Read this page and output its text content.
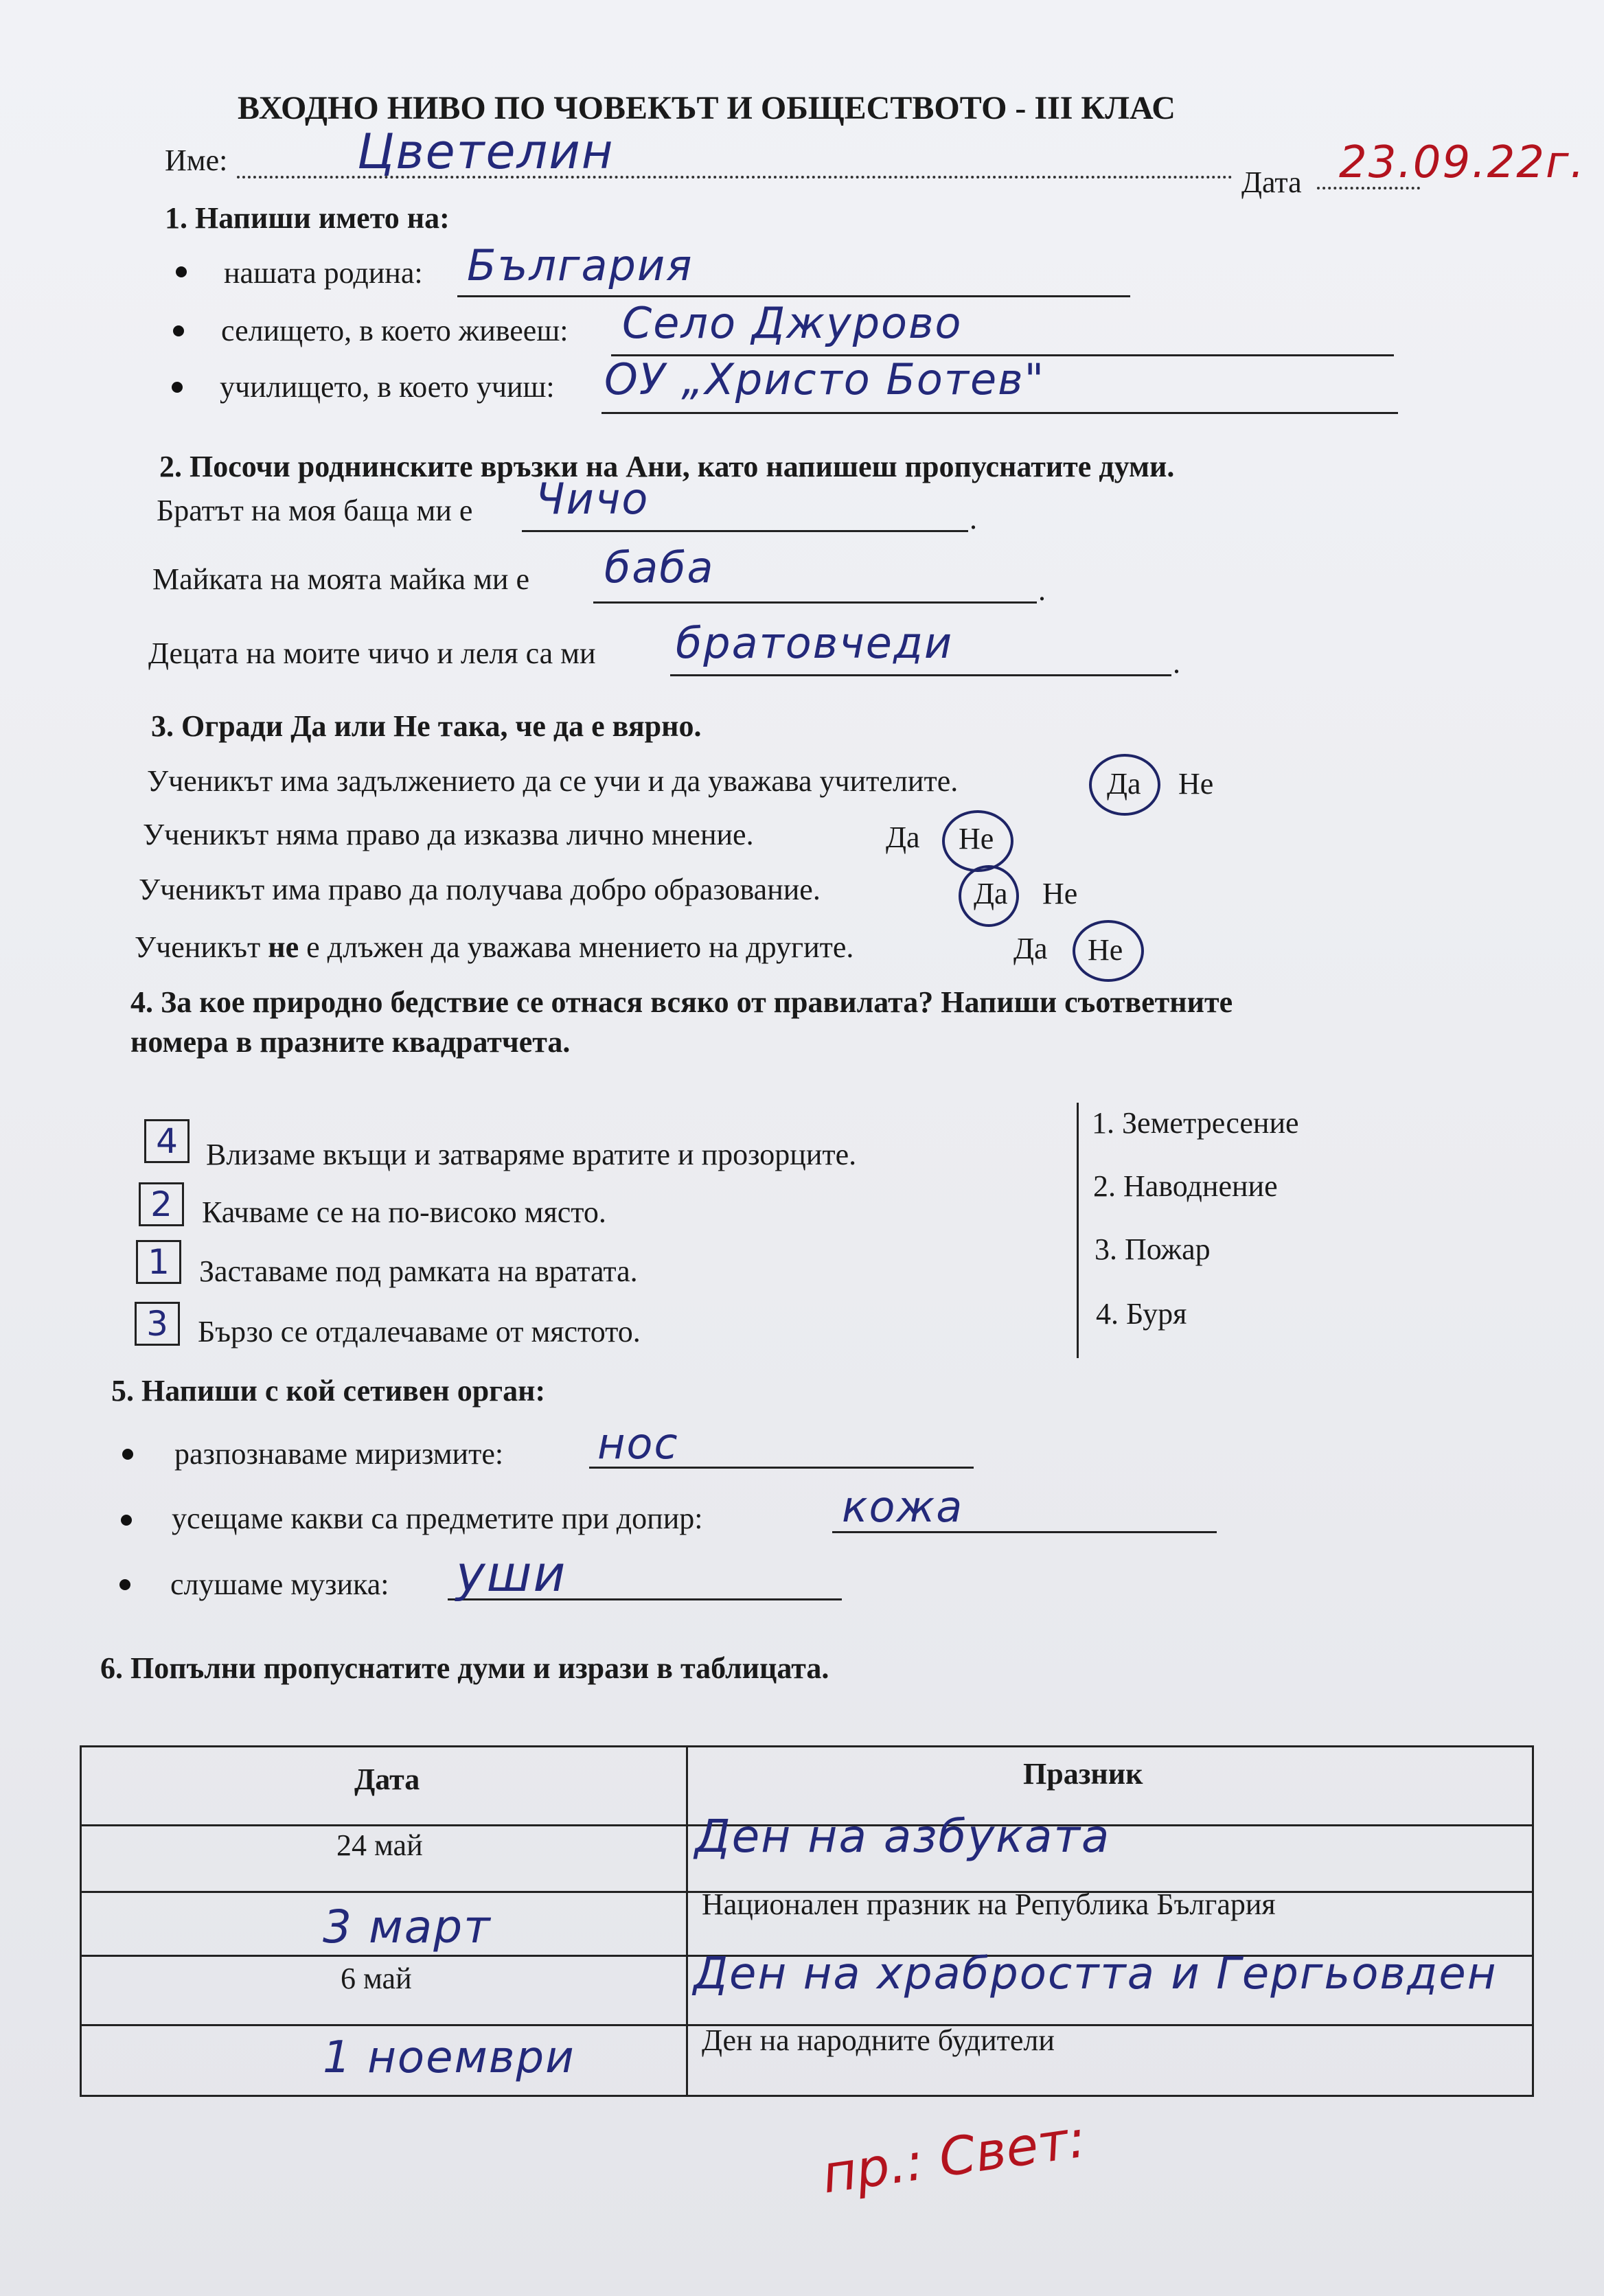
ВХОДНО НИВО ПО ЧОВЕКЪТ И ОБЩЕСТВОТО - III КЛАС
Име:	Цветелин
Дата 23.09.22г.
1. Напиши името на:
нашата родина: България
селището, в което живееш: Село Джурово
училището, в което учиш: ОУ „Христо Ботев"
2. Посочи роднинските връзки на Ани, като напишеш пропуснатите думи.
Братът на моя баща ми е	.
Чичо
Майката на моята майка ми е	.
баба
Децата на моите чичо и леля са ми	.
братовчеди
3. Огради Да или Не така, че да е вярно.
Ученикът има задължението да се учи и да уважава учителите.	Да Не
Ученикът няма право да изказва лично мнение.	Да Не
Ученикът има право да получава добро образование.	Да Не
Ученикът не е длъжен да уважава мнението на другите.	Да Не
4. За кое природно бедствие се отнася всяко от правилата? Напиши съответните
номера в празните квадратчета.
4 Влизаме вкъщи и затваряме вратите и прозорците.
2 Качваме се на по-високо място.
1 Заставаме под рамката на вратата.
3 Бързо се отдалечаваме от мястото.
1. Земетресение
2. Наводнение
3. Пожар
4. Буря
5. Напиши с кой сетивен орган:
разпознаваме миризмите: нос
усещаме какви са предметите при допир:	кожа
слушаме музика: уши
6. Попълни пропуснатите думи и изрази в таблицата.
Дата	Празник
24 май	Ден на азбуката
3 март	Национален празник на Република България
6 май	Ден на храбростта и Гергьовден
1 ноември	Ден на народните будители
пр.: Свет:
